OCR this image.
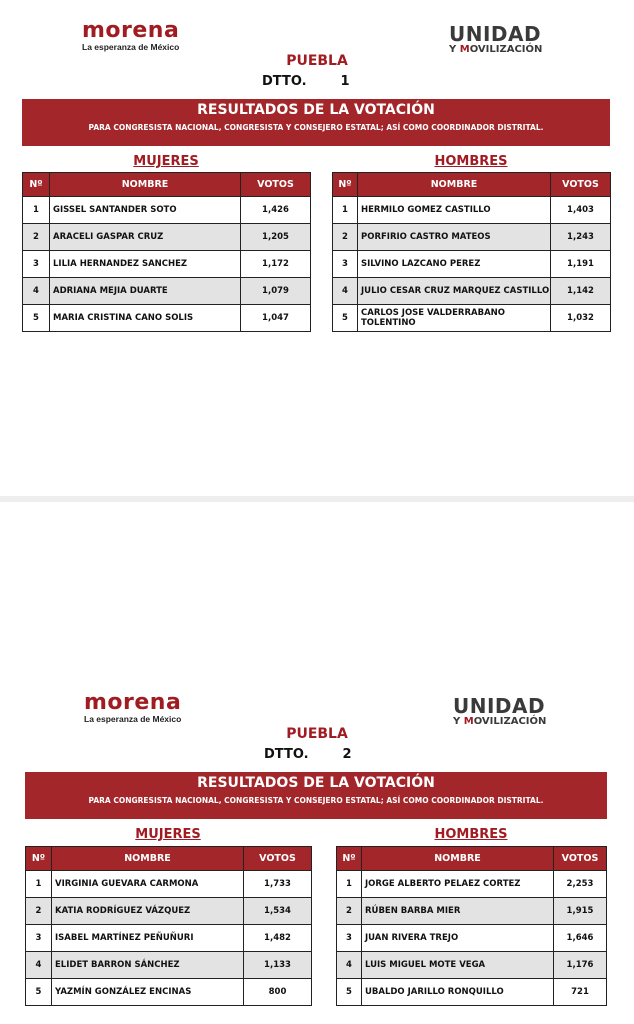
morena
La esperanza de México
UNIDAD
Y MOVILIZACIÓN
PUEBLA
DTTO.	1
RESULTADOS DE LA VOTACIÓN
PARA CONGRESISTA NACIONAL, CONGRESISTA Y CONSEJERO ESTATAL; ASÍ COMO COORDINADOR DISTRITAL.
MUJERES	HOMBRES
Nº	NOMBRE	VOTOS
1	GISSEL SANTANDER SOTO	1,426
2	ARACELI GASPAR CRUZ	1,205
3	LILIA HERNANDEZ SANCHEZ	1,172
4	ADRIANA MEJIA DUARTE	1,079
5	MARIA CRISTINA CANO SOLIS	1,047
Nº	NOMBRE	VOTOS
1	HERMILO GOMEZ CASTILLO	1,403
2	PORFIRIO CASTRO MATEOS	1,243
3	SILVINO LAZCANO PEREZ	1,191
4	JULIO CESAR CRUZ MARQUEZ CASTILLO	1,142
5	CARLOS JOSE VALDERRABANO TOLENTINO	1,032
morena
La esperanza de México
UNIDAD
Y MOVILIZACIÓN
PUEBLA
DTTO.	2
RESULTADOS DE LA VOTACIÓN
PARA CONGRESISTA NACIONAL, CONGRESISTA Y CONSEJERO ESTATAL; ASÍ COMO COORDINADOR DISTRITAL.
MUJERES	HOMBRES
Nº	NOMBRE	VOTOS
1	VIRGINIA GUEVARA CARMONA	1,733
2	KATIA RODRÍGUEZ VÁZQUEZ	1,534
3	ISABEL MARTÍNEZ PEÑUÑURI	1,482
4	ELIDET BARRON SÁNCHEZ	1,133
5	YAZMÍN GONZÁLEZ ENCINAS	800
Nº	NOMBRE	VOTOS
1	JORGE ALBERTO PELAEZ CORTEZ	2,253
2	RÚBEN BARBA MIER	1,915
3	JUAN RIVERA TREJO	1,646
4	LUIS MIGUEL MOTE VEGA	1,176
5	UBALDO JARILLO RONQUILLO	721
